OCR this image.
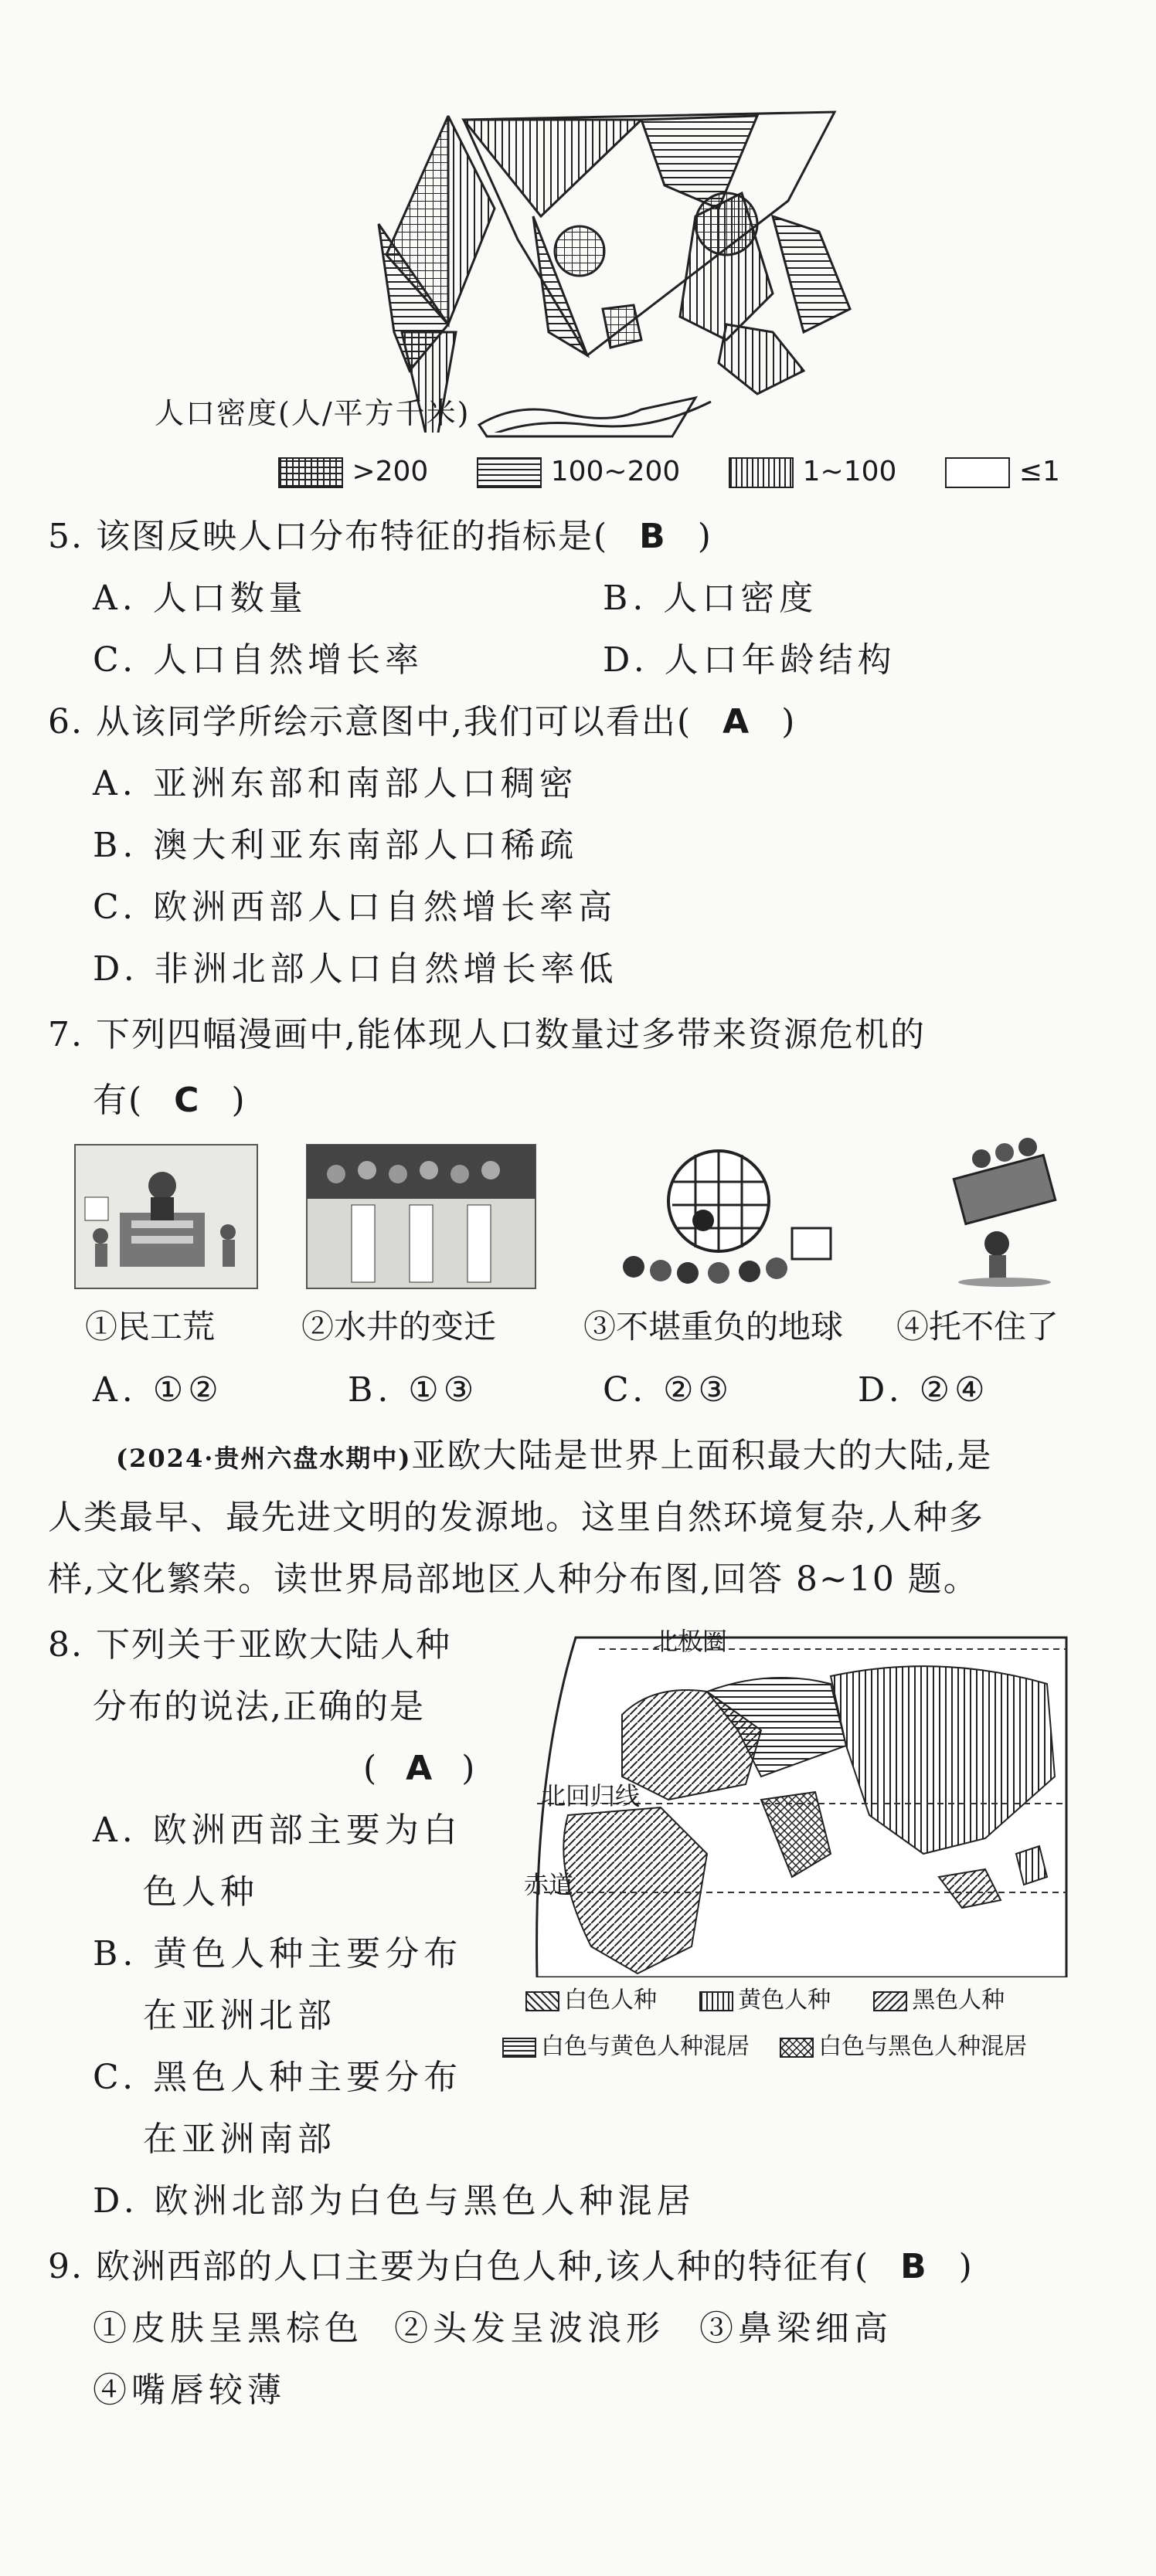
人口密度(人/平方千米)
>200	100~200	1~100	≤1
5. 该图反映人口分布特征的指标是( B )
A. 人口数量	B. 人口密度
C. 人口自然增长率	D. 人口年龄结构
6. 从该同学所绘示意图中,我们可以看出( A )
A. 亚洲东部和南部人口稠密
B. 澳大利亚东南部人口稀疏
C. 欧洲西部人口自然增长率高
D. 非洲北部人口自然增长率低
7. 下列四幅漫画中,能体现人口数量过多带来资源危机的
有( C )
①民工荒	②水井的变迁	③不堪重负的地球 ④托不住了
A. ①②	B. ①③	C. ②③	D. ②④
(2024·贵州六盘水期中)亚欧大陆是世界上面积最大的大陆,是
人类最早、最先进文明的发源地。这里自然环境复杂,人种多
样,文化繁荣。读世界局部地区人种分布图,回答 8~10 题。
8. 下列关于亚欧大陆人种
分布的说法,正确的是
( A )
A. 欧洲西部主要为白
色人种
B. 黄色人种主要分布
在亚洲北部
C. 黑色人种主要分布
在亚洲南部
D. 欧洲北部为白色与黑色人种混居
北极圈
北回归线
赤道
白色人种	黄色人种	黑色人种
白色与黄色人种混居	白色与黑色人种混居
9. 欧洲西部的人口主要为白色人种,该人种的特征有( B )
①皮肤呈黑棕色 ②头发呈波浪形 ③鼻梁细高
④嘴唇较薄
